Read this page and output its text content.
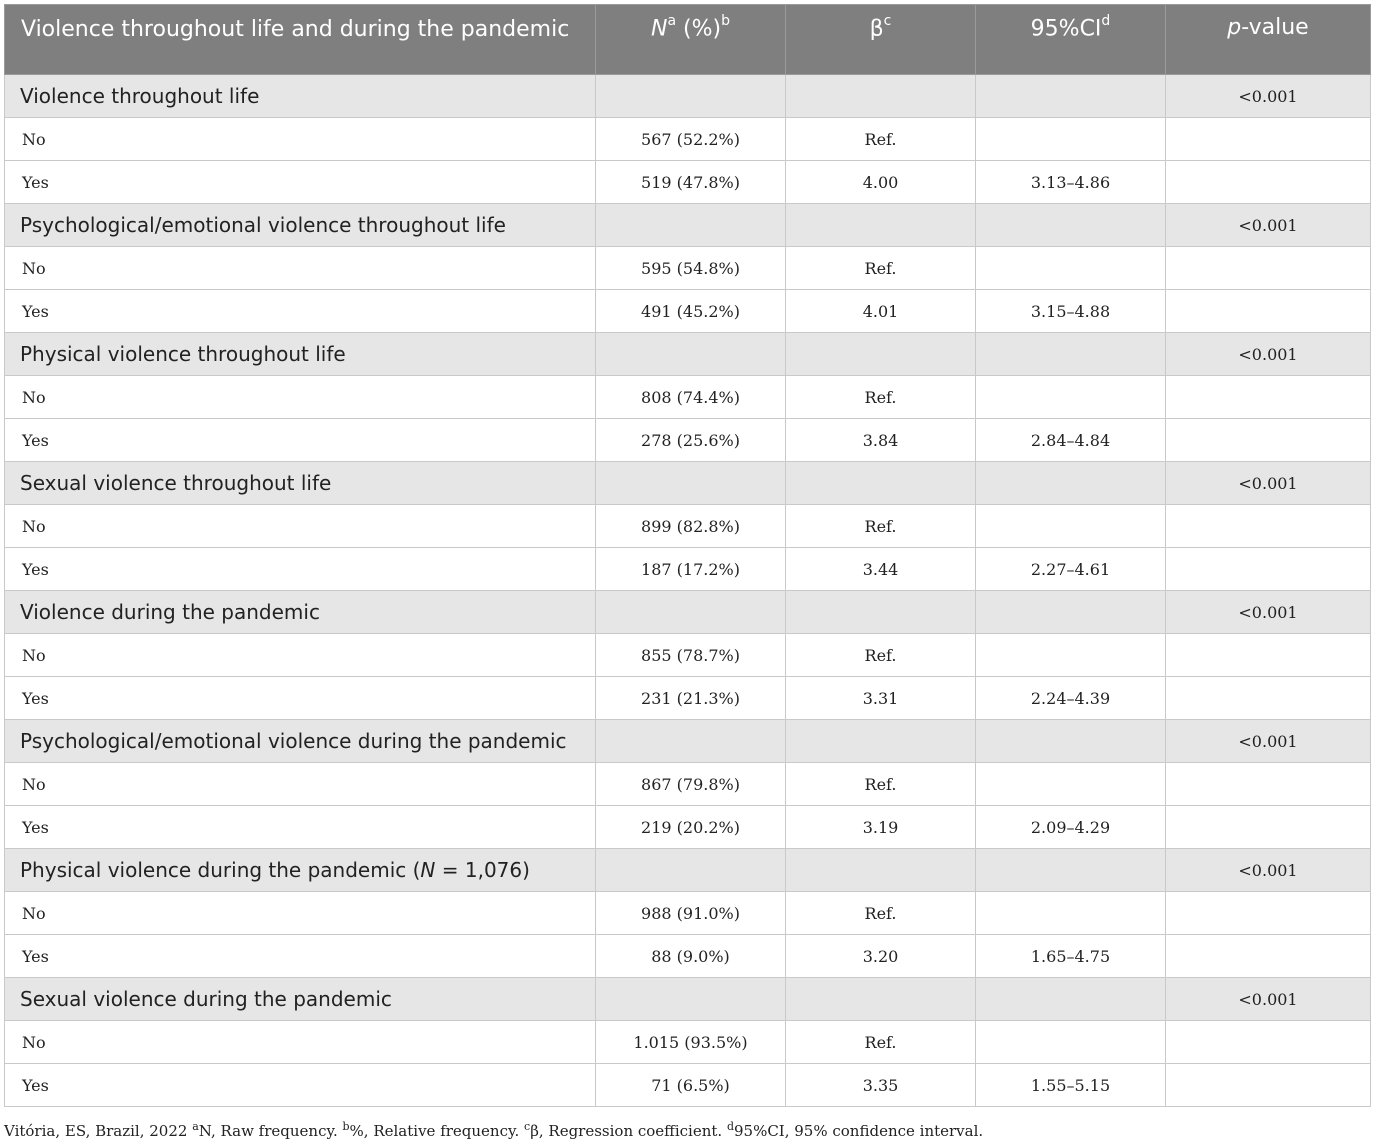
Violence throughout life and during the pandemic	$N^a$ (%)$^b$	$\beta^c$	$95\%CI^d$	p-value
Violence throughout life				<0.001
No	567 (52.2%)	Ref.		
Yes	519 (47.8%)	4.00	3.13–4.86	
Psychological/emotional violence throughout life				<0.001
No	595 (54.8%)	Ref.		
Yes	491 (45.2%)	4.01	3.15–4.88	
Physical violence throughout life				<0.001
No	808 (74.4%)	Ref.		
Yes	278 (25.6%)	3.84	2.84–4.84	
Sexual violence throughout life				<0.001
No	899 (82.8%)	Ref.		
Yes	187 (17.2%)	3.44	2.27–4.61	
Violence during the pandemic				<0.001
No	855 (78.7%)	Ref.		
Yes	231 (21.3%)	3.31	2.24–4.39	
Psychological/emotional violence during the pandemic				<0.001
No	867 (79.8%)	Ref.		
Yes	219 (20.2%)	3.19	2.09–4.29	
Physical violence during the pandemic (N = 1,076)				<0.001
No	988 (91.0%)	Ref.		
Yes	88 (9.0%)	3.20	1.65–4.75	
Sexual violence during the pandemic				<0.001
No	1.015 (93.5%)	Ref.		
Yes	71 (6.5%)	3.35	1.55–5.15	
Vitória, ES, Brazil, 2022 $^a$N, Raw frequency. $^b$%, Relative frequency. $^c$β, Regression coefficient. $^d$95%CI, 95% confidence interval.
